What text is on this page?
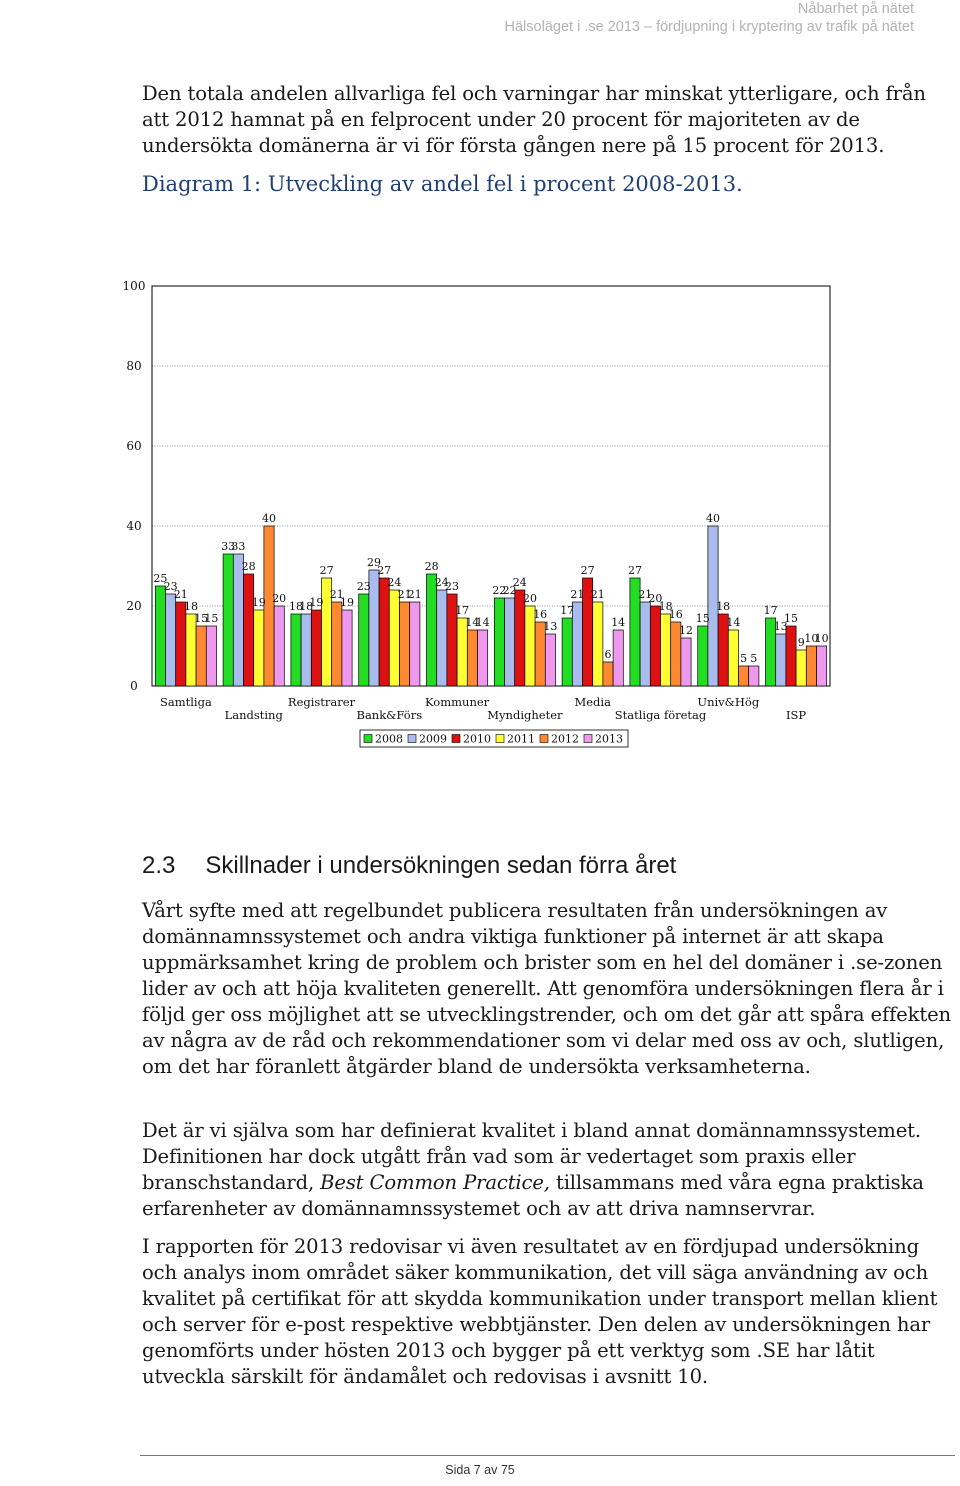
Nåbarhet på nätet
Hälsoläget i .se 2013 – fördjupning i kryptering av trafik på nätet

Den totala andelen allvarliga fel och varningar har minskat ytterligare, och från att 2012 hamnat på en felprocent under 20 procent för majoriteten av de undersökta domänerna är vi för första gången nere på 15 procent för 2013.

Diagram 1: Utveckling av andel fel i procent 2008-2013.
0
20
40
60
80
100
25
23
21
18
15
15
33
33
28
19
40
20
18
18
19
27
21
19
23
29
27
24
21
21
28
24
23
17
14
14
22
22
24
20
16
13
17
21
27
21
6
14
27
21
20
18
16
12
15
40
18
14
5 5
17
13
15
9 10
10
Samtliga
Landsting
Registrarer
Bank&Förs
Kommuner
Myndigheter
Media
Statliga företag
Univ&Hög
ISP
2008 2009 2010 2011 2012 2013
2.3 Skillnader i undersökningen sedan förra året

Vårt syfte med att regelbundet publicera resultaten från undersökningen av domännamnssystemet och andra viktiga funktioner på internet är att skapa uppmärksamhet kring de problem och brister som en hel del domäner i .se-zonen lider av och att höja kvaliteten generellt. Att genomföra undersökningen flera år i följd ger oss möjlighet att se utvecklingstrender, och om det går att spåra effekten av några av de råd och rekommendationer som vi delar med oss av och, slutligen, om det har föranlett åtgärder bland de undersökta verksamheterna.

Det är vi själva som har definierat kvalitet i bland annat domännamnssystemet. Definitionen har dock utgått från vad som är vedertaget som praxis eller branschstandard, Best Common Practice, tillsammans med våra egna praktiska erfarenheter av domännamnssystemet och av att driva namnservrar.

I rapporten för 2013 redovisar vi även resultatet av en fördjupad undersökning och analys inom området säker kommunikation, det vill säga användning av och kvalitet på certifikat för att skydda kommunikation under transport mellan klient och server för e-post respektive webbtjänster. Den delen av undersökningen har genomförts under hösten 2013 och bygger på ett verktyg som .SE har låtit utveckla särskilt för ändamålet och redovisas i avsnitt 10.

Sida 7 av 75
